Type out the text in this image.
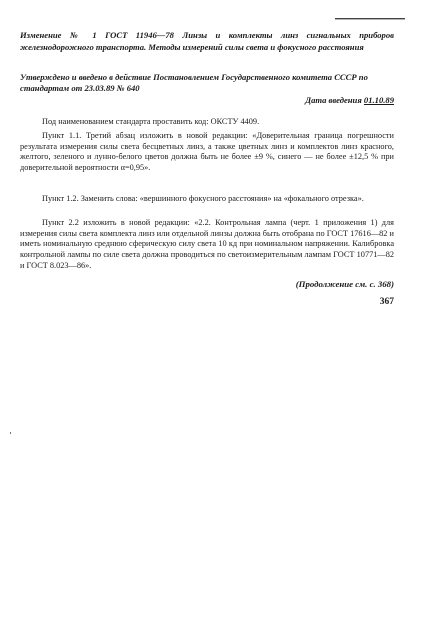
Изменение № 1 ГОСТ 11946—78 Линзы и комплекты линз сигнальных приборов железнодорожного транспорта. Методы измерений силы света и фокусного расстояния

Утверждено и введено в действие Постановлением Государственного комитета СССР по стандартам от 23.03.89 № 640

Дата введения 01.10.89

Под наименованием стандарта проставить код: ОКСТУ 4409.

Пункт 1.1. Третий абзац изложить в новой редакции: «Доверительная граница погрешности результата измерения силы света бесцветных линз, а также цветных линз и комплектов линз красного, желтого, зеленого и лунно-белого цветов должна быть не более ±9 %, синего — не более ±12,5 % при доверительной вероятности α=0,95».

Пункт 1.2. Заменить слова: «вершинного фокусного расстояния» на «фокального отрезка».

Пункт 2.2 изложить в новой редакции: «2.2. Контрольная лампа (черт. 1 приложения 1) для измерения силы света комплекта линз или отдельной линзы должна быть отобрана по ГОСТ 17616—82 и иметь номинальную среднюю сферическую силу света 10 кд при номинальном напряжении. Калибровка контрольной лампы по силе света должна проводиться по светоизмерительным лампам ГОСТ 10771—82 и ГОСТ 8.023—86».

(Продолжение см. с. 368)

367
